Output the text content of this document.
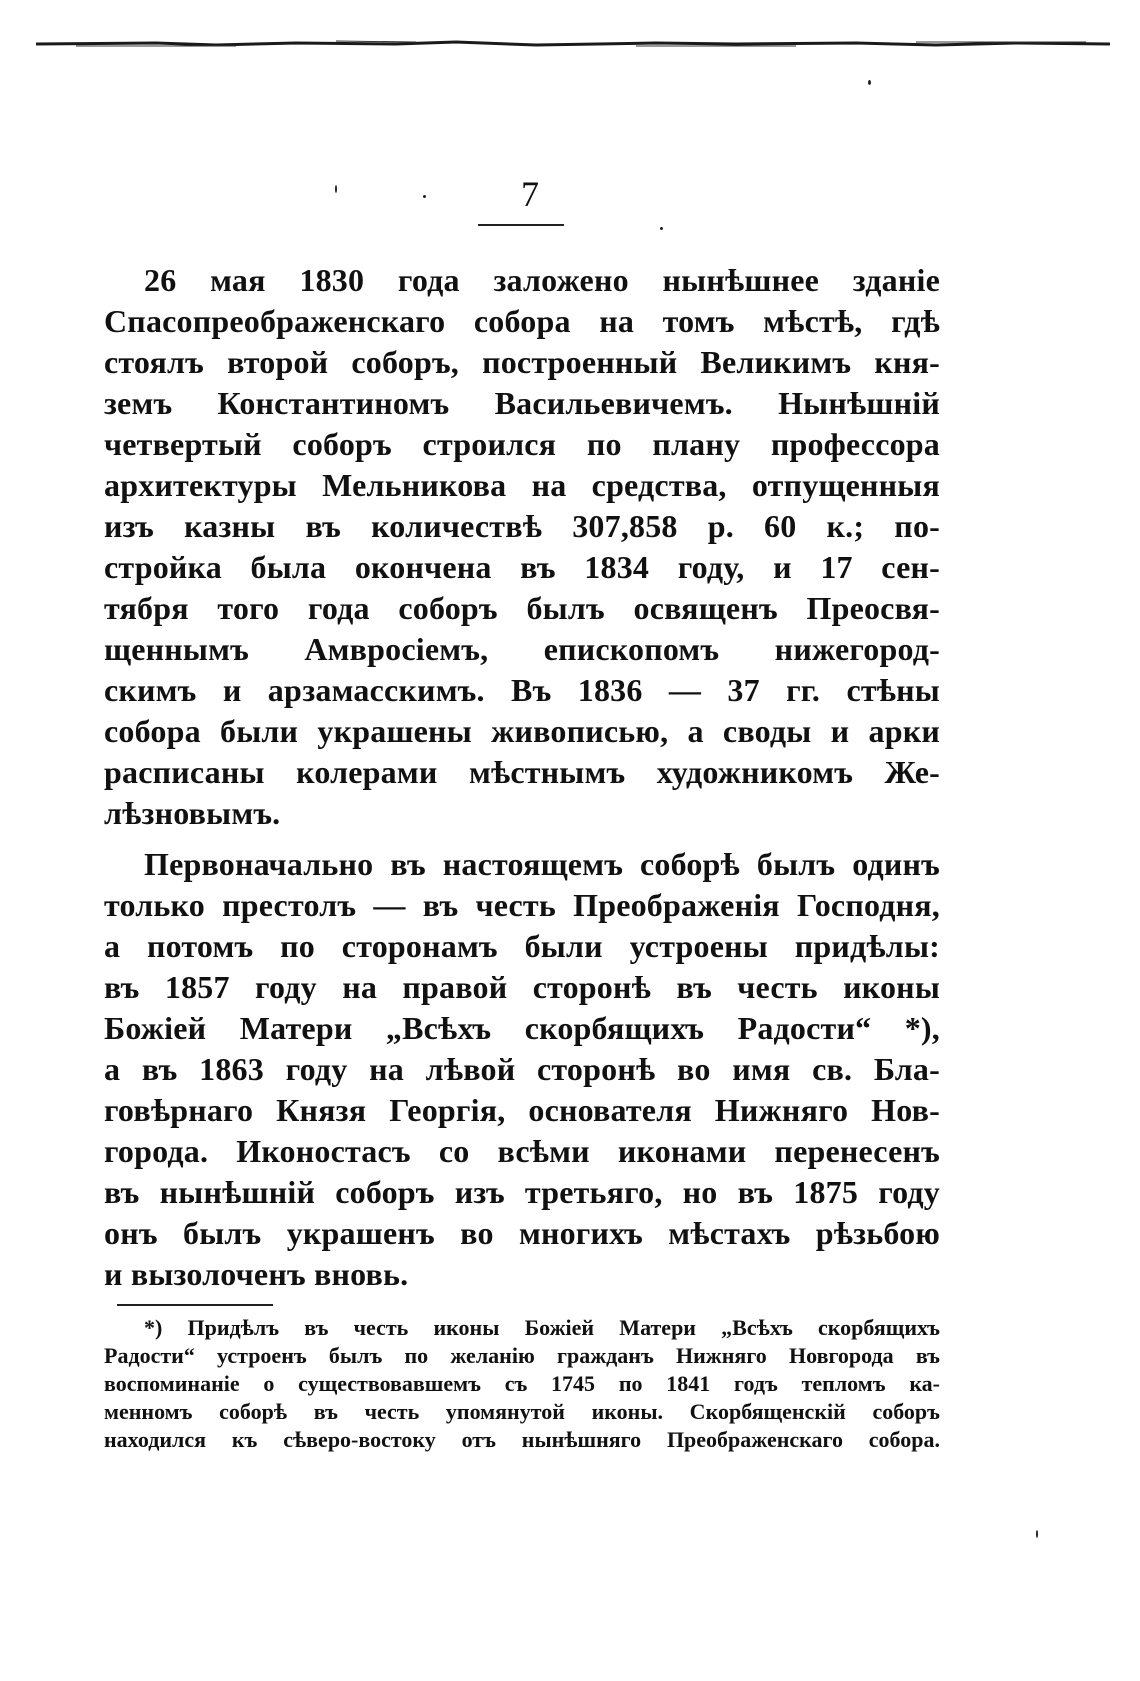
7
26 мая 1830 года заложено нынѣшнее зданіе
Спасопреображенскаго собора на томъ мѣстѣ, гдѣ
стоялъ второй соборъ, построенный Великимъ кня-
земъ Константиномъ Васильевичемъ. Нынѣшній
четвертый соборъ строился по плану профессора
архитектуры Мельникова на средства, отпущенныя
изъ казны въ количествѣ 307,858 р. 60 к.; по-
стройка была окончена въ 1834 году, и 17 сен-
тября того года соборъ былъ освященъ Преосвя-
щеннымъ Амвросіемъ, епископомъ нижегород-
скимъ и арзамасскимъ. Въ 1836 — 37 гг. стѣны
собора были украшены живописью, а своды и арки
расписаны колерами мѣстнымъ художникомъ Же-
лѣзновымъ.
Первоначально въ настоящемъ соборѣ былъ одинъ
только престолъ — въ честь Преображенія Господня,
а потомъ по сторонамъ были устроены придѣлы:
въ 1857 году на правой сторонѣ въ честь иконы
Божіей Матери „Всѣхъ скорбящихъ Радости“ *),
а въ 1863 году на лѣвой сторонѣ во имя св. Бла-
говѣрнаго Князя Георгія, основателя Нижняго Нов-
города. Иконостасъ со всѣми иконами перенесенъ
въ нынѣшній соборъ изъ третьяго, но въ 1875 году
онъ былъ украшенъ во многихъ мѣстахъ рѣзьбою
и вызолоченъ вновь.
*) Придѣлъ въ честь иконы Божіей Матери „Всѣхъ скорбящихъ
Радости“ устроенъ былъ по желанію гражданъ Нижняго Новгорода въ
воспоминаніе о существовавшемъ съ 1745 по 1841 годъ тепломъ ка-
менномъ соборѣ въ честь упомянутой иконы. Скорбященскій соборъ
находился къ сѣверо-востоку отъ нынѣшняго Преображенскаго собора.
